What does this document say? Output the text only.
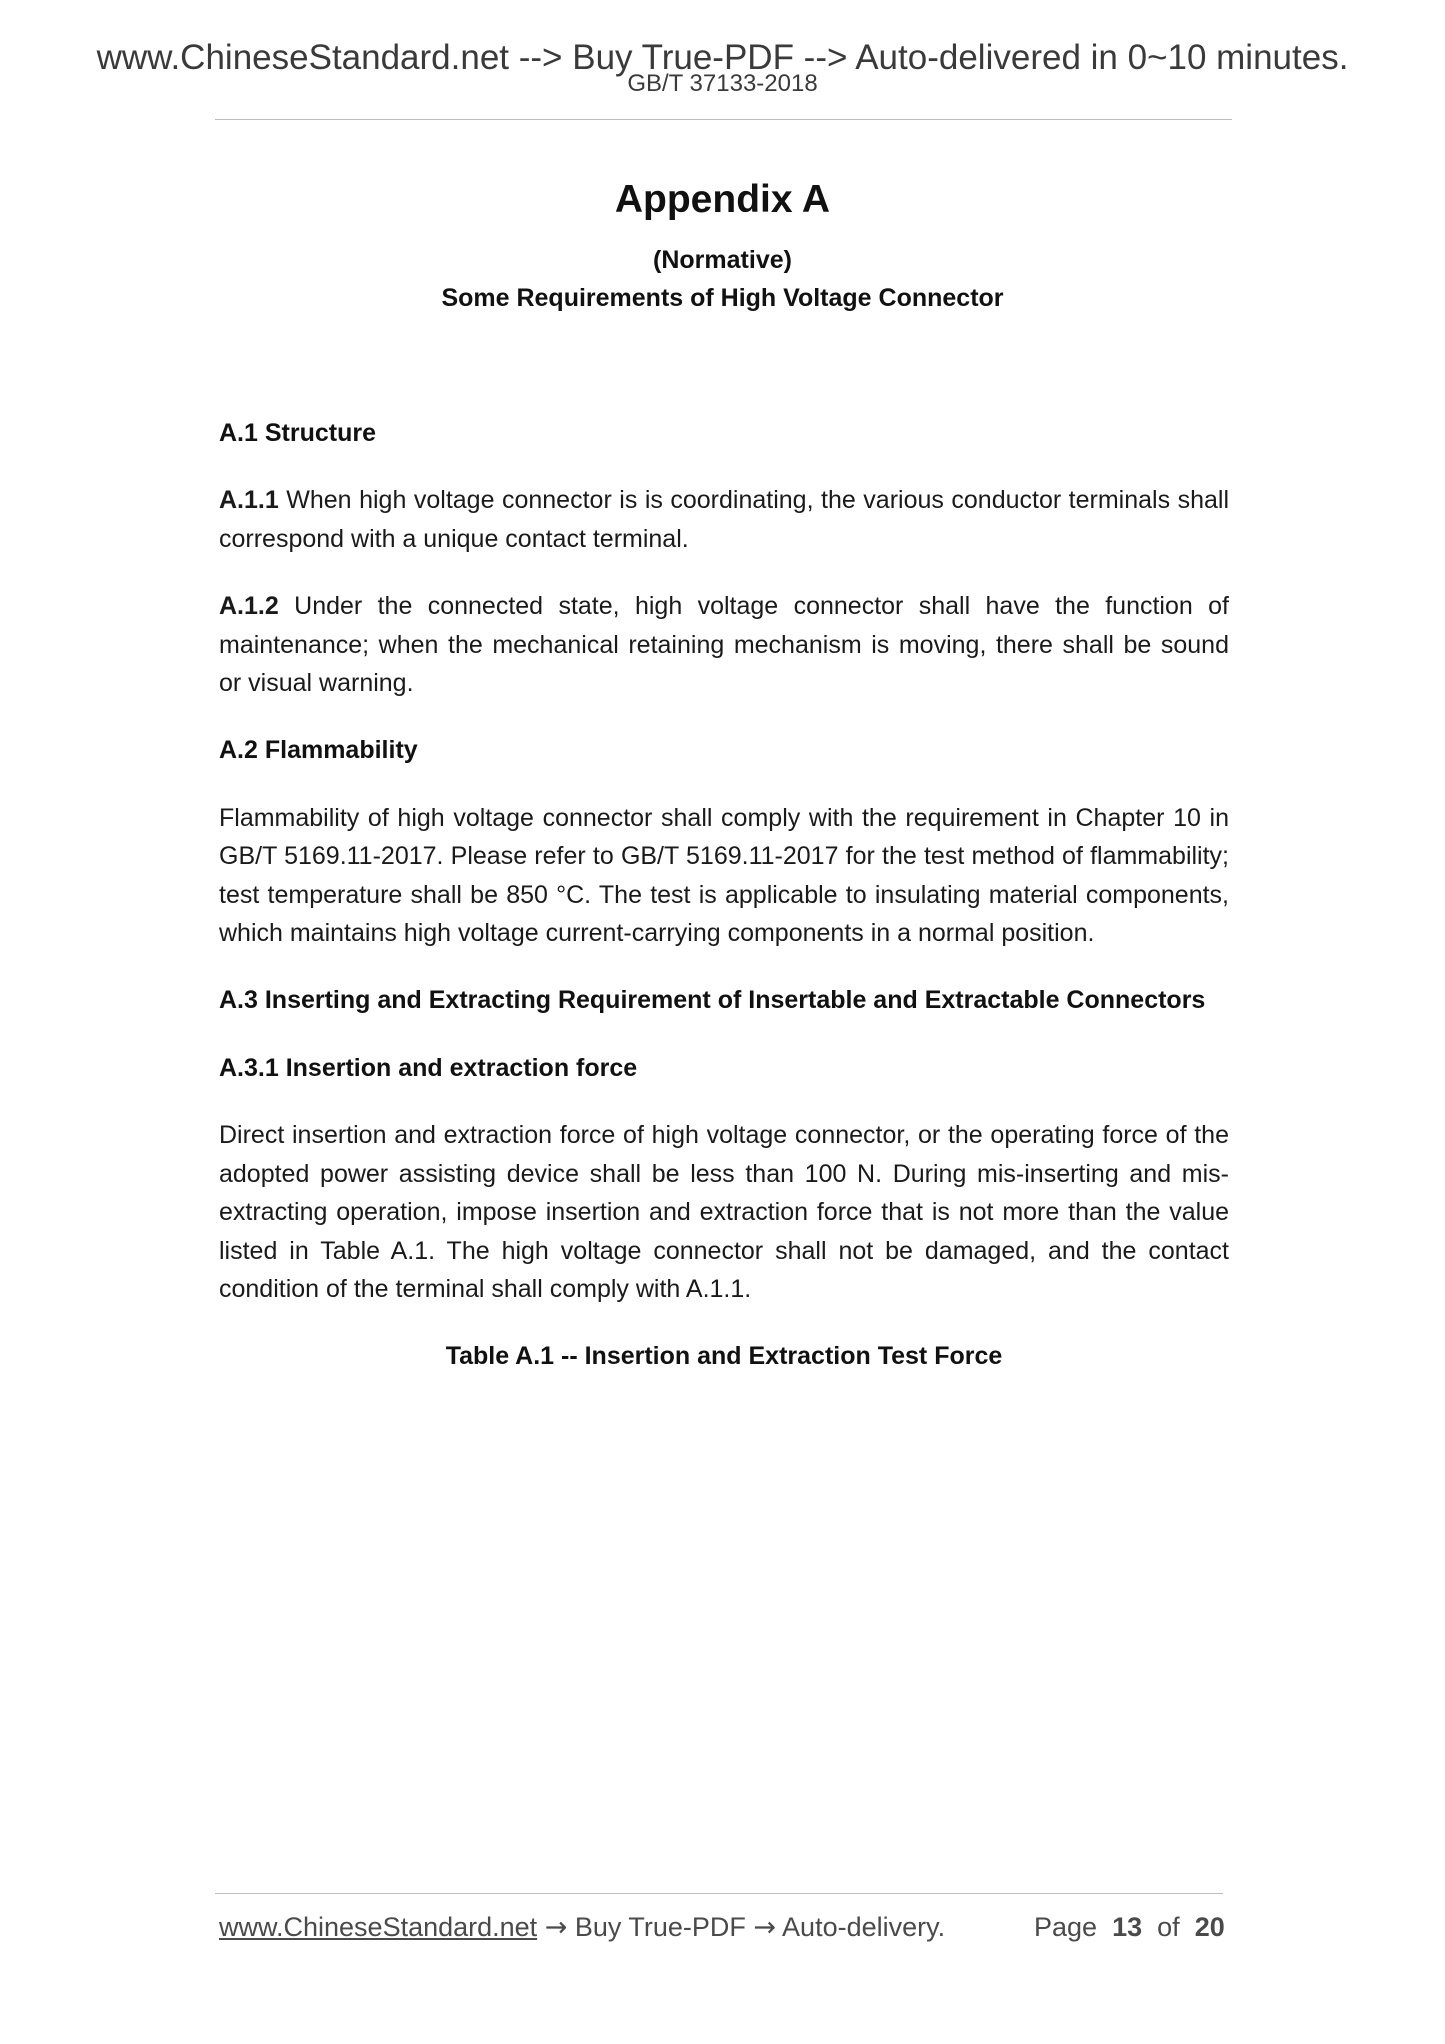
www.ChineseStandard.net --> Buy True-PDF --> Auto-delivered in 0~10 minutes.
GB/T 37133-2018
Appendix A
(Normative)
Some Requirements of High Voltage Connector

A.1 Structure

A.1.1 When high voltage connector is is coordinating, the various conductor terminals shall correspond with a unique contact terminal.

A.1.2 Under the connected state, high voltage connector shall have the function of maintenance; when the mechanical retaining mechanism is moving, there shall be sound or visual warning.

A.2 Flammability

Flammability of high voltage connector shall comply with the requirement in Chapter 10 in GB/T 5169.11-2017. Please refer to GB/T 5169.11-2017 for the test method of flammability; test temperature shall be 850 °C. The test is applicable to insulating material components, which maintains high voltage current-carrying components in a normal position.

A.3 Inserting and Extracting Requirement of Insertable and Extractable Connectors

A.3.1 Insertion and extraction force

Direct insertion and extraction force of high voltage connector, or the operating force of the adopted power assisting device shall be less than 100 N. During mis-inserting and mis-extracting operation, impose insertion and extraction force that is not more than the value listed in Table A.1. The high voltage connector shall not be damaged, and the contact condition of the terminal shall comply with A.1.1.

Table A.1 -- Insertion and Extraction Test Force

www.ChineseStandard.net → Buy True-PDF → Auto-delivery.	Page 13 of 20
